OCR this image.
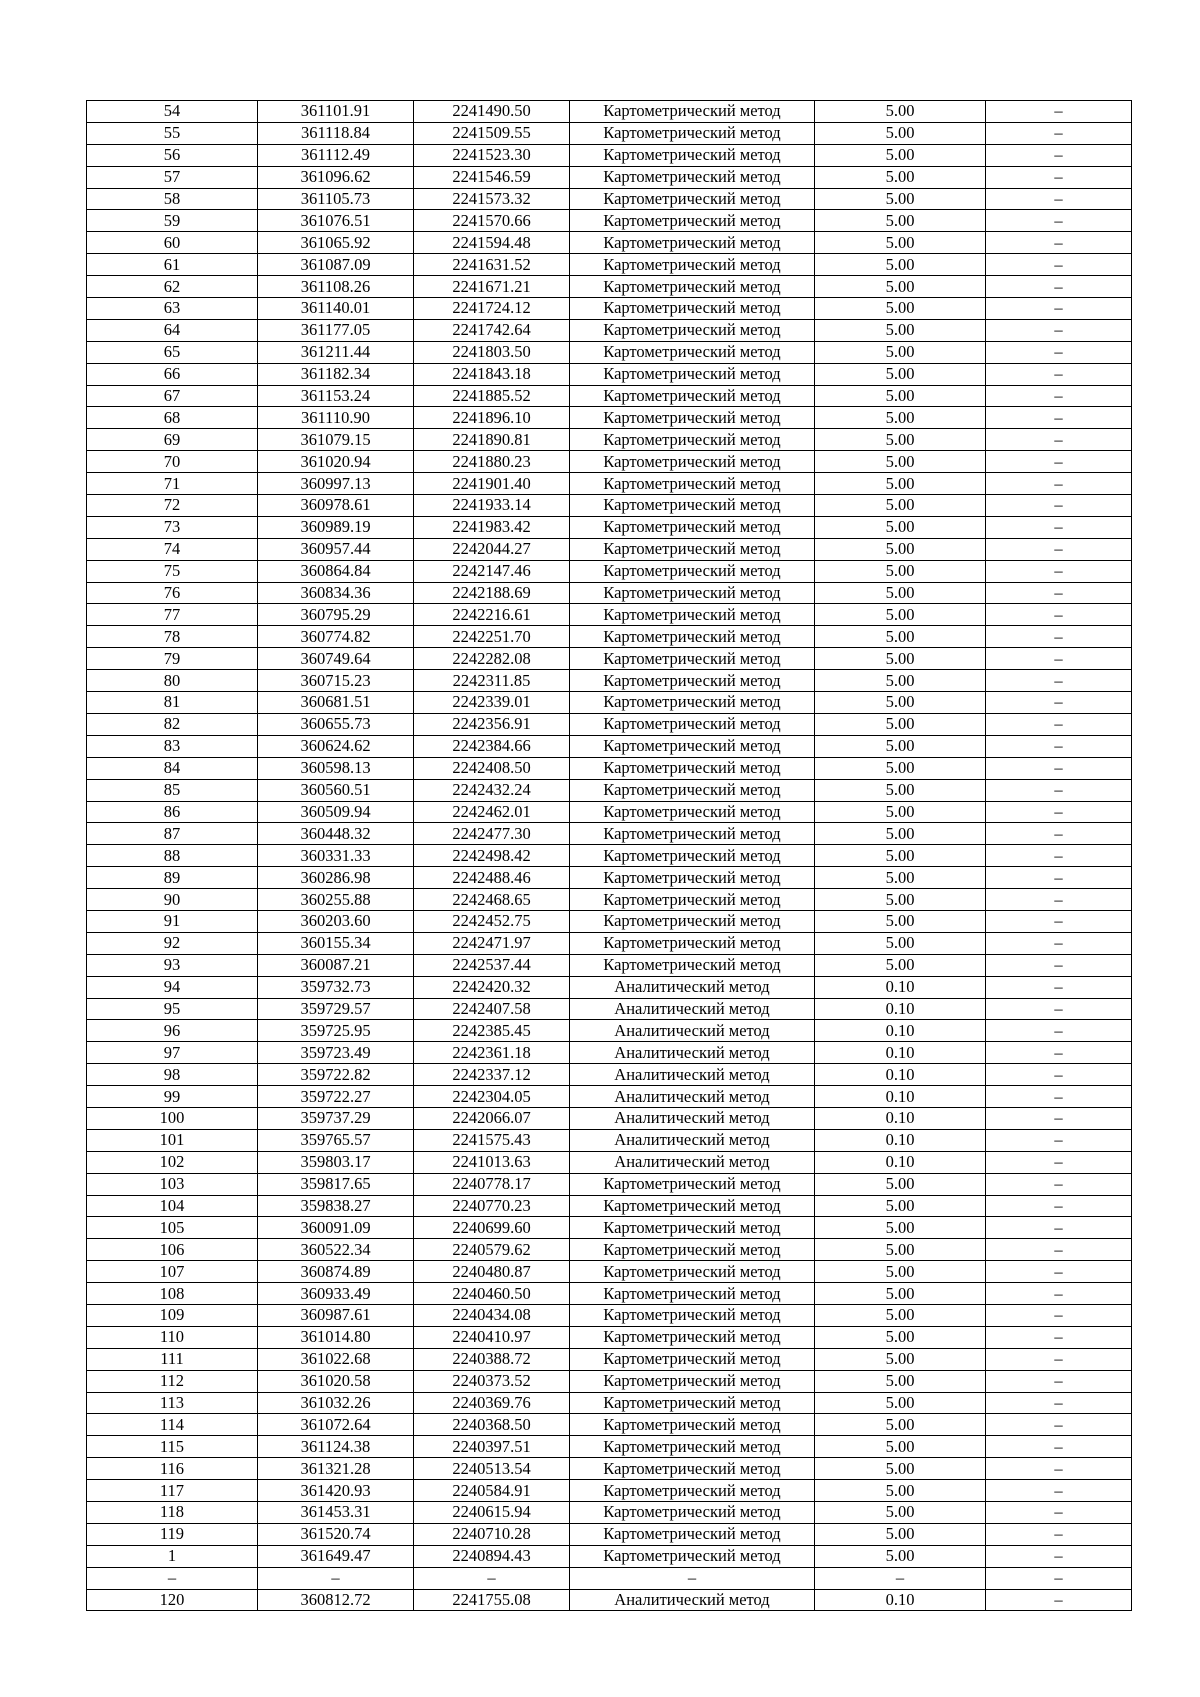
54	361101.91	2241490.50	Картометрический метод	5.00	–
55	361118.84	2241509.55	Картометрический метод	5.00	–
56	361112.49	2241523.30	Картометрический метод	5.00	–
57	361096.62	2241546.59	Картометрический метод	5.00	–
58	361105.73	2241573.32	Картометрический метод	5.00	–
59	361076.51	2241570.66	Картометрический метод	5.00	–
60	361065.92	2241594.48	Картометрический метод	5.00	–
61	361087.09	2241631.52	Картометрический метод	5.00	–
62	361108.26	2241671.21	Картометрический метод	5.00	–
63	361140.01	2241724.12	Картометрический метод	5.00	–
64	361177.05	2241742.64	Картометрический метод	5.00	–
65	361211.44	2241803.50	Картометрический метод	5.00	–
66	361182.34	2241843.18	Картометрический метод	5.00	–
67	361153.24	2241885.52	Картометрический метод	5.00	–
68	361110.90	2241896.10	Картометрический метод	5.00	–
69	361079.15	2241890.81	Картометрический метод	5.00	–
70	361020.94	2241880.23	Картометрический метод	5.00	–
71	360997.13	2241901.40	Картометрический метод	5.00	–
72	360978.61	2241933.14	Картометрический метод	5.00	–
73	360989.19	2241983.42	Картометрический метод	5.00	–
74	360957.44	2242044.27	Картометрический метод	5.00	–
75	360864.84	2242147.46	Картометрический метод	5.00	–
76	360834.36	2242188.69	Картометрический метод	5.00	–
77	360795.29	2242216.61	Картометрический метод	5.00	–
78	360774.82	2242251.70	Картометрический метод	5.00	–
79	360749.64	2242282.08	Картометрический метод	5.00	–
80	360715.23	2242311.85	Картометрический метод	5.00	–
81	360681.51	2242339.01	Картометрический метод	5.00	–
82	360655.73	2242356.91	Картометрический метод	5.00	–
83	360624.62	2242384.66	Картометрический метод	5.00	–
84	360598.13	2242408.50	Картометрический метод	5.00	–
85	360560.51	2242432.24	Картометрический метод	5.00	–
86	360509.94	2242462.01	Картометрический метод	5.00	–
87	360448.32	2242477.30	Картометрический метод	5.00	–
88	360331.33	2242498.42	Картометрический метод	5.00	–
89	360286.98	2242488.46	Картометрический метод	5.00	–
90	360255.88	2242468.65	Картометрический метод	5.00	–
91	360203.60	2242452.75	Картометрический метод	5.00	–
92	360155.34	2242471.97	Картометрический метод	5.00	–
93	360087.21	2242537.44	Картометрический метод	5.00	–
94	359732.73	2242420.32	Аналитический метод	0.10	–
95	359729.57	2242407.58	Аналитический метод	0.10	–
96	359725.95	2242385.45	Аналитический метод	0.10	–
97	359723.49	2242361.18	Аналитический метод	0.10	–
98	359722.82	2242337.12	Аналитический метод	0.10	–
99	359722.27	2242304.05	Аналитический метод	0.10	–
100	359737.29	2242066.07	Аналитический метод	0.10	–
101	359765.57	2241575.43	Аналитический метод	0.10	–
102	359803.17	2241013.63	Аналитический метод	0.10	–
103	359817.65	2240778.17	Картометрический метод	5.00	–
104	359838.27	2240770.23	Картометрический метод	5.00	–
105	360091.09	2240699.60	Картометрический метод	5.00	–
106	360522.34	2240579.62	Картометрический метод	5.00	–
107	360874.89	2240480.87	Картометрический метод	5.00	–
108	360933.49	2240460.50	Картометрический метод	5.00	–
109	360987.61	2240434.08	Картометрический метод	5.00	–
110	361014.80	2240410.97	Картометрический метод	5.00	–
111	361022.68	2240388.72	Картометрический метод	5.00	–
112	361020.58	2240373.52	Картометрический метод	5.00	–
113	361032.26	2240369.76	Картометрический метод	5.00	–
114	361072.64	2240368.50	Картометрический метод	5.00	–
115	361124.38	2240397.51	Картометрический метод	5.00	–
116	361321.28	2240513.54	Картометрический метод	5.00	–
117	361420.93	2240584.91	Картометрический метод	5.00	–
118	361453.31	2240615.94	Картометрический метод	5.00	–
119	361520.74	2240710.28	Картометрический метод	5.00	–
1	361649.47	2240894.43	Картометрический метод	5.00	–
–	–	–	–	–	–
120	360812.72	2241755.08	Аналитический метод	0.10	–
